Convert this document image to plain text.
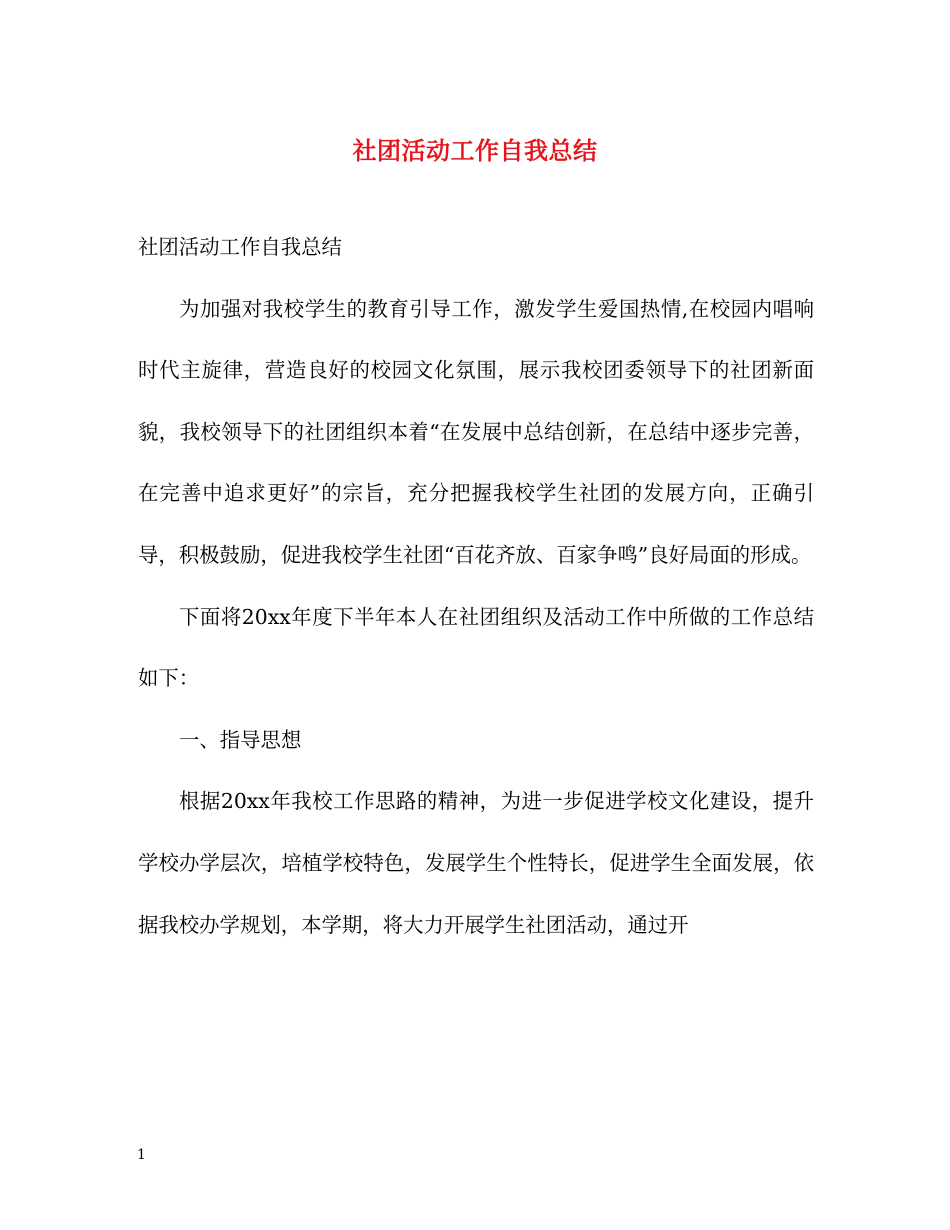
社团活动工作自我总结

社团活动工作自我总结

为加强对我校学生的教育引导工作，激发学生爱国热情,在校园内唱响时代主旋律，营造良好的校园文化氛围，展示我校团委领导下的社团新面貌，我校领导下的社团组织本着“在发展中总结创新，在总结中逐步完善，在完善中追求更好”的宗旨，充分把握我校学生社团的发展方向，正确引导，积极鼓励，促进我校学生社团“百花齐放、百家争鸣”良好局面的形成。

下面将20xx年度下半年本人在社团组织及活动工作中所做的工作总结如下：

一、指导思想

根据20xx年我校工作思路的精神，为进一步促进学校文化建设，提升学校办学层次，培植学校特色，发展学生个性特长，促进学生全面发展，依据我校办学规划，本学期，将大力开展学生社团活动，通过开

1
